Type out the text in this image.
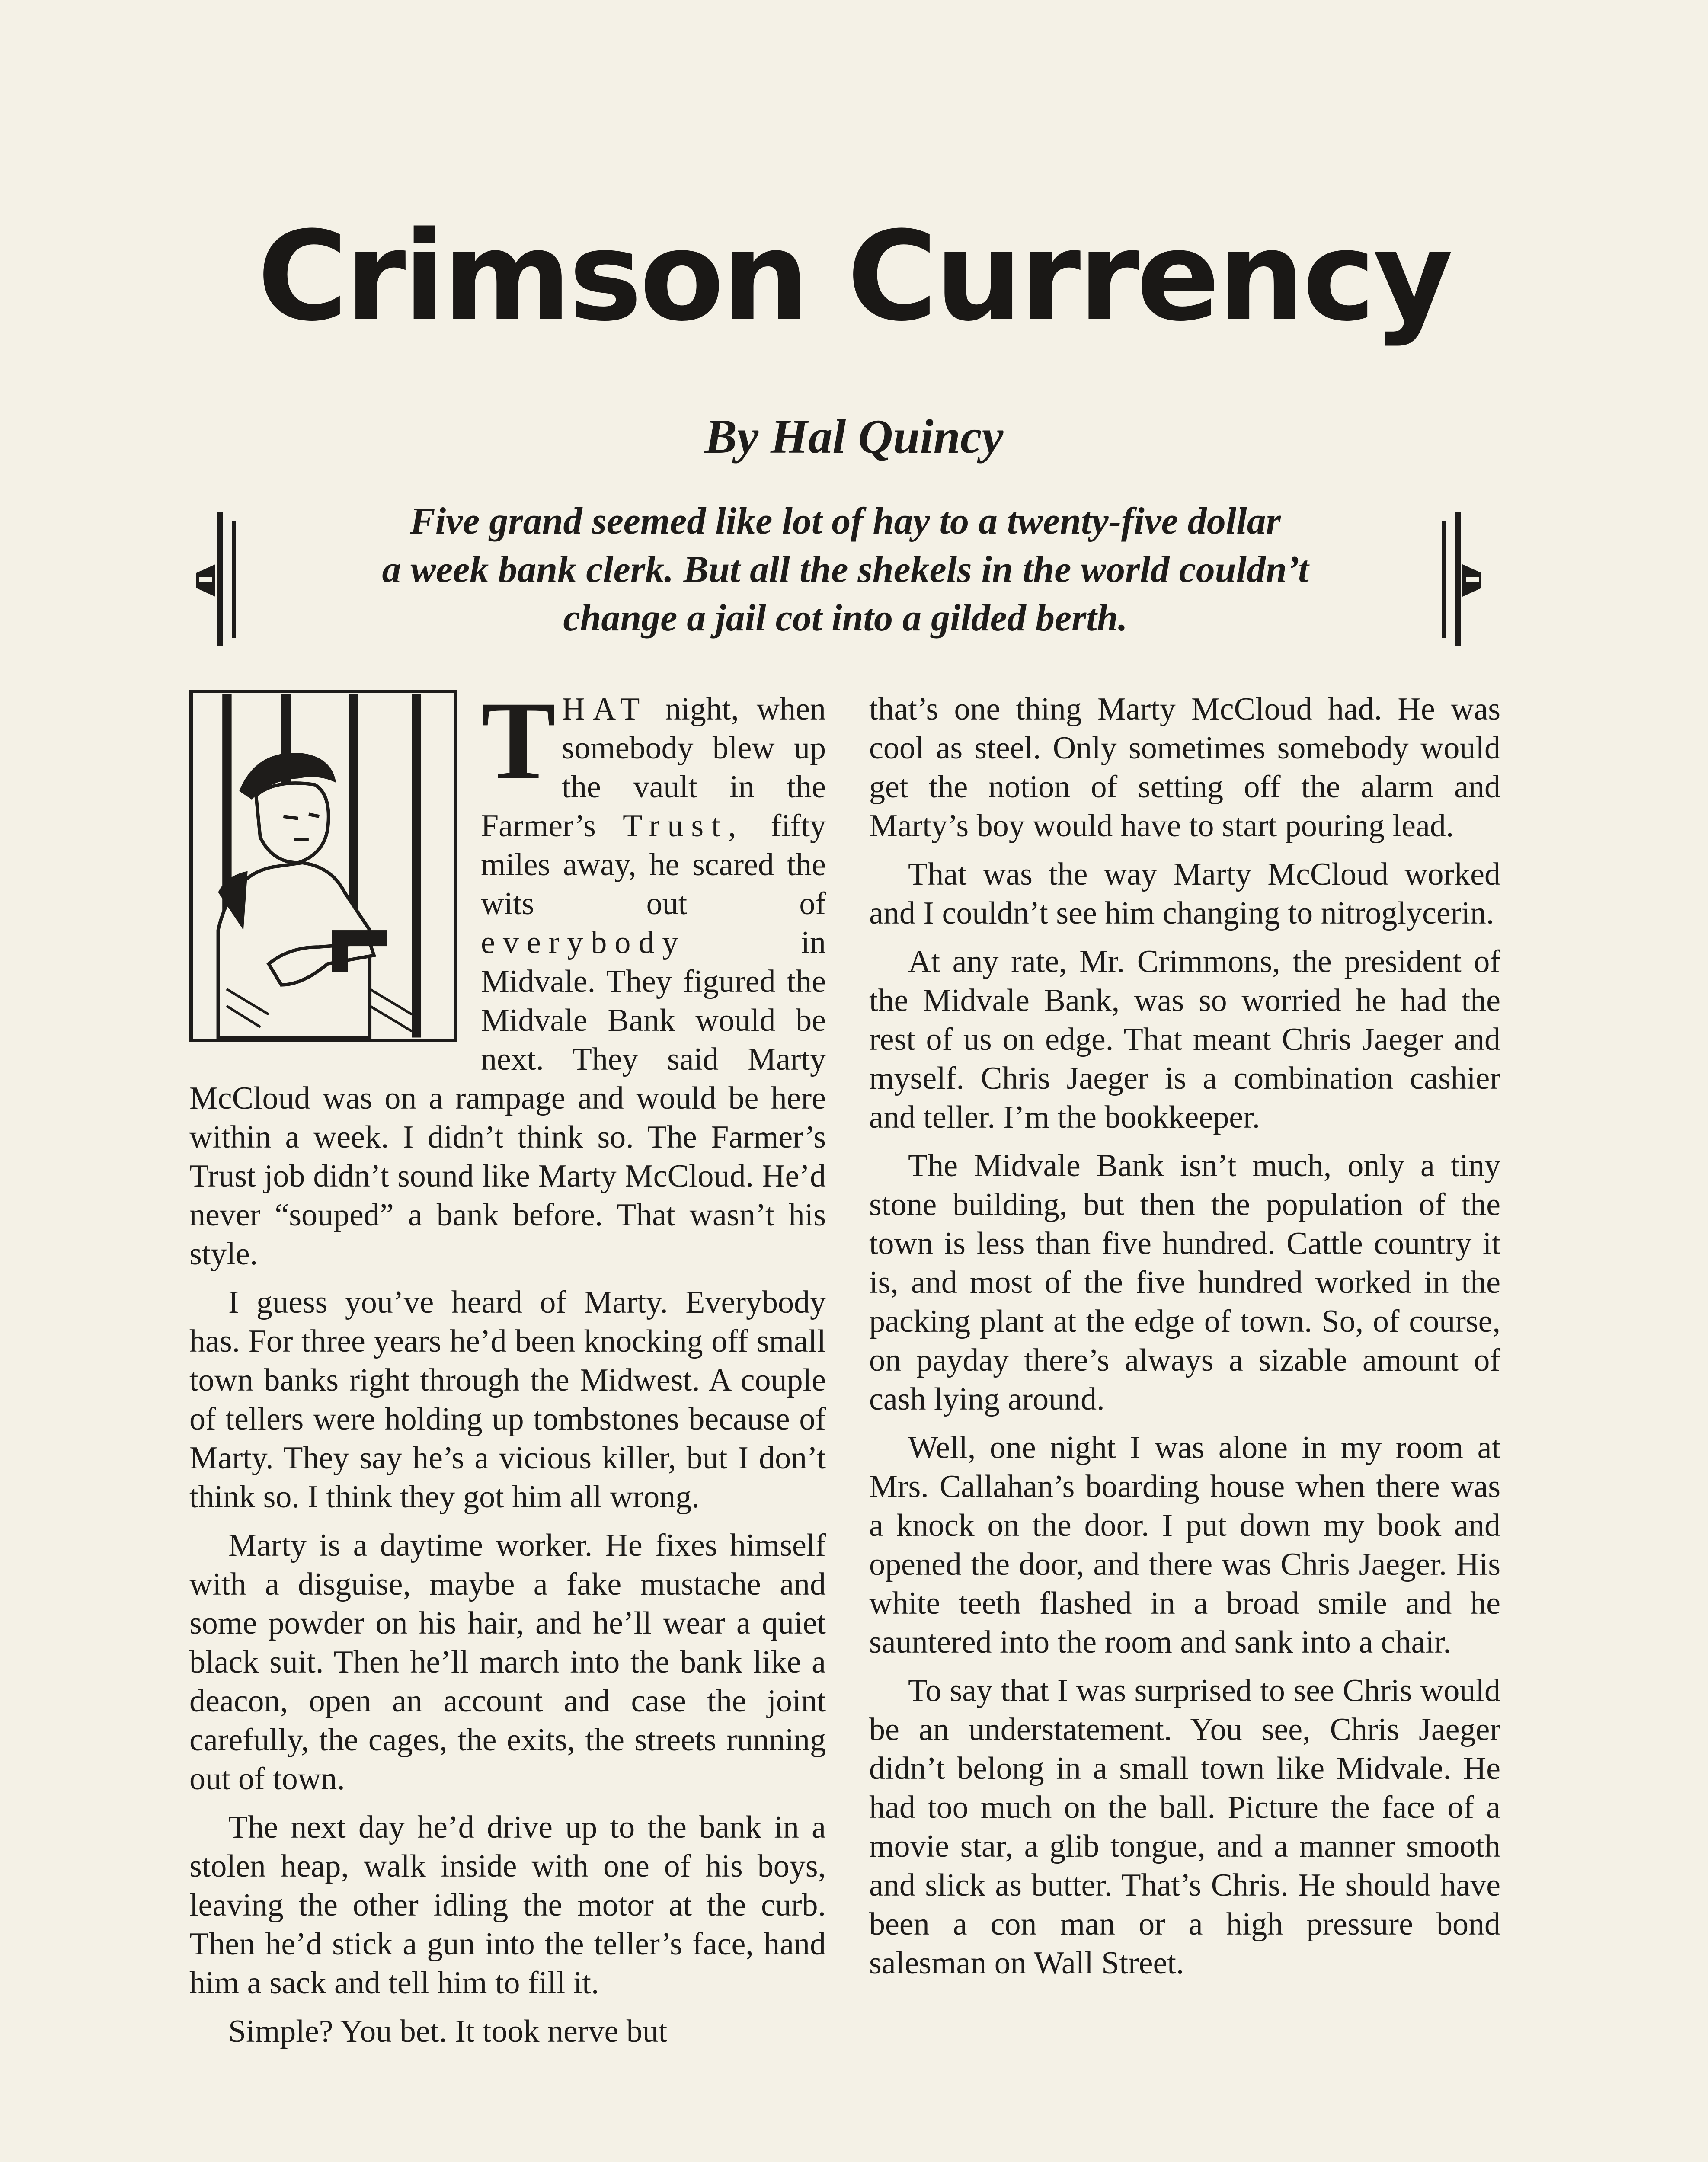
Crimson Currency
By Hal Quincy
Five grand seemed like lot of hay to a twenty-five dollar
a week bank clerk. But all the shekels in the world couldn’t
change a jail cot into a gilded berth.

THAT night, when somebody blew up the vault in the Farmer’s Trust, fifty miles away, he scared the wits out of everybody	in Midvale. They figured the Midvale Bank would be next. They said Marty McCloud was on a rampage and would be here within a week. I didn’t think so. The Farmer’s Trust job didn’t sound like Marty McCloud. He’d never “souped” a bank before. That wasn’t his style.

I guess you’ve heard of Marty. Everybody has. For three years he’d been knocking off small town banks right through the Midwest. A couple of tellers were holding up tombstones because of Marty. They say he’s a vicious killer, but I don’t think so. I think they got him all wrong.

Marty is a daytime worker. He fixes himself with a disguise, maybe a fake mustache and some powder on his hair, and he’ll wear a quiet black suit. Then he’ll march into the bank like a deacon, open an account and case the joint carefully, the cages, the exits, the streets running out of town.

The next day he’d drive up to the bank in a stolen heap, walk inside with one of his boys, leaving the other idling the motor at the curb. Then he’d stick a gun into the teller’s face, hand him a sack and tell him to fill it.

Simple? You bet. It took nerve but

that’s one thing Marty McCloud had. He was cool as steel. Only sometimes somebody would get the notion of setting off the alarm and Marty’s boy would have to start pouring lead.

That was the way Marty McCloud worked and I couldn’t see him changing to nitroglycerin.

At any rate, Mr. Crimmons, the president of the Midvale Bank, was so worried he had the rest of us on edge. That meant Chris Jaeger and myself. Chris Jaeger is a combination cashier and teller. I’m the bookkeeper.

The Midvale Bank isn’t much, only a tiny stone building, but then the population of the town is less than five hundred. Cattle country it is, and most of the five hundred worked in the packing plant at the edge of town. So, of course, on payday there’s always a sizable amount of cash lying around.

Well, one night I was alone in my room at Mrs. Callahan’s boarding house when there was a knock on the door. I put down my book and opened the door, and there was Chris Jaeger. His white teeth flashed in a broad smile and he sauntered into the room and sank into a chair.

To say that I was surprised to see Chris would be an understatement. You see, Chris Jaeger didn’t belong in a small town like Midvale. He had too much on the ball. Picture the face of a movie star, a glib tongue, and a manner smooth and slick as butter. That’s Chris. He should have been a con man or a high pressure bond salesman on Wall Street.
